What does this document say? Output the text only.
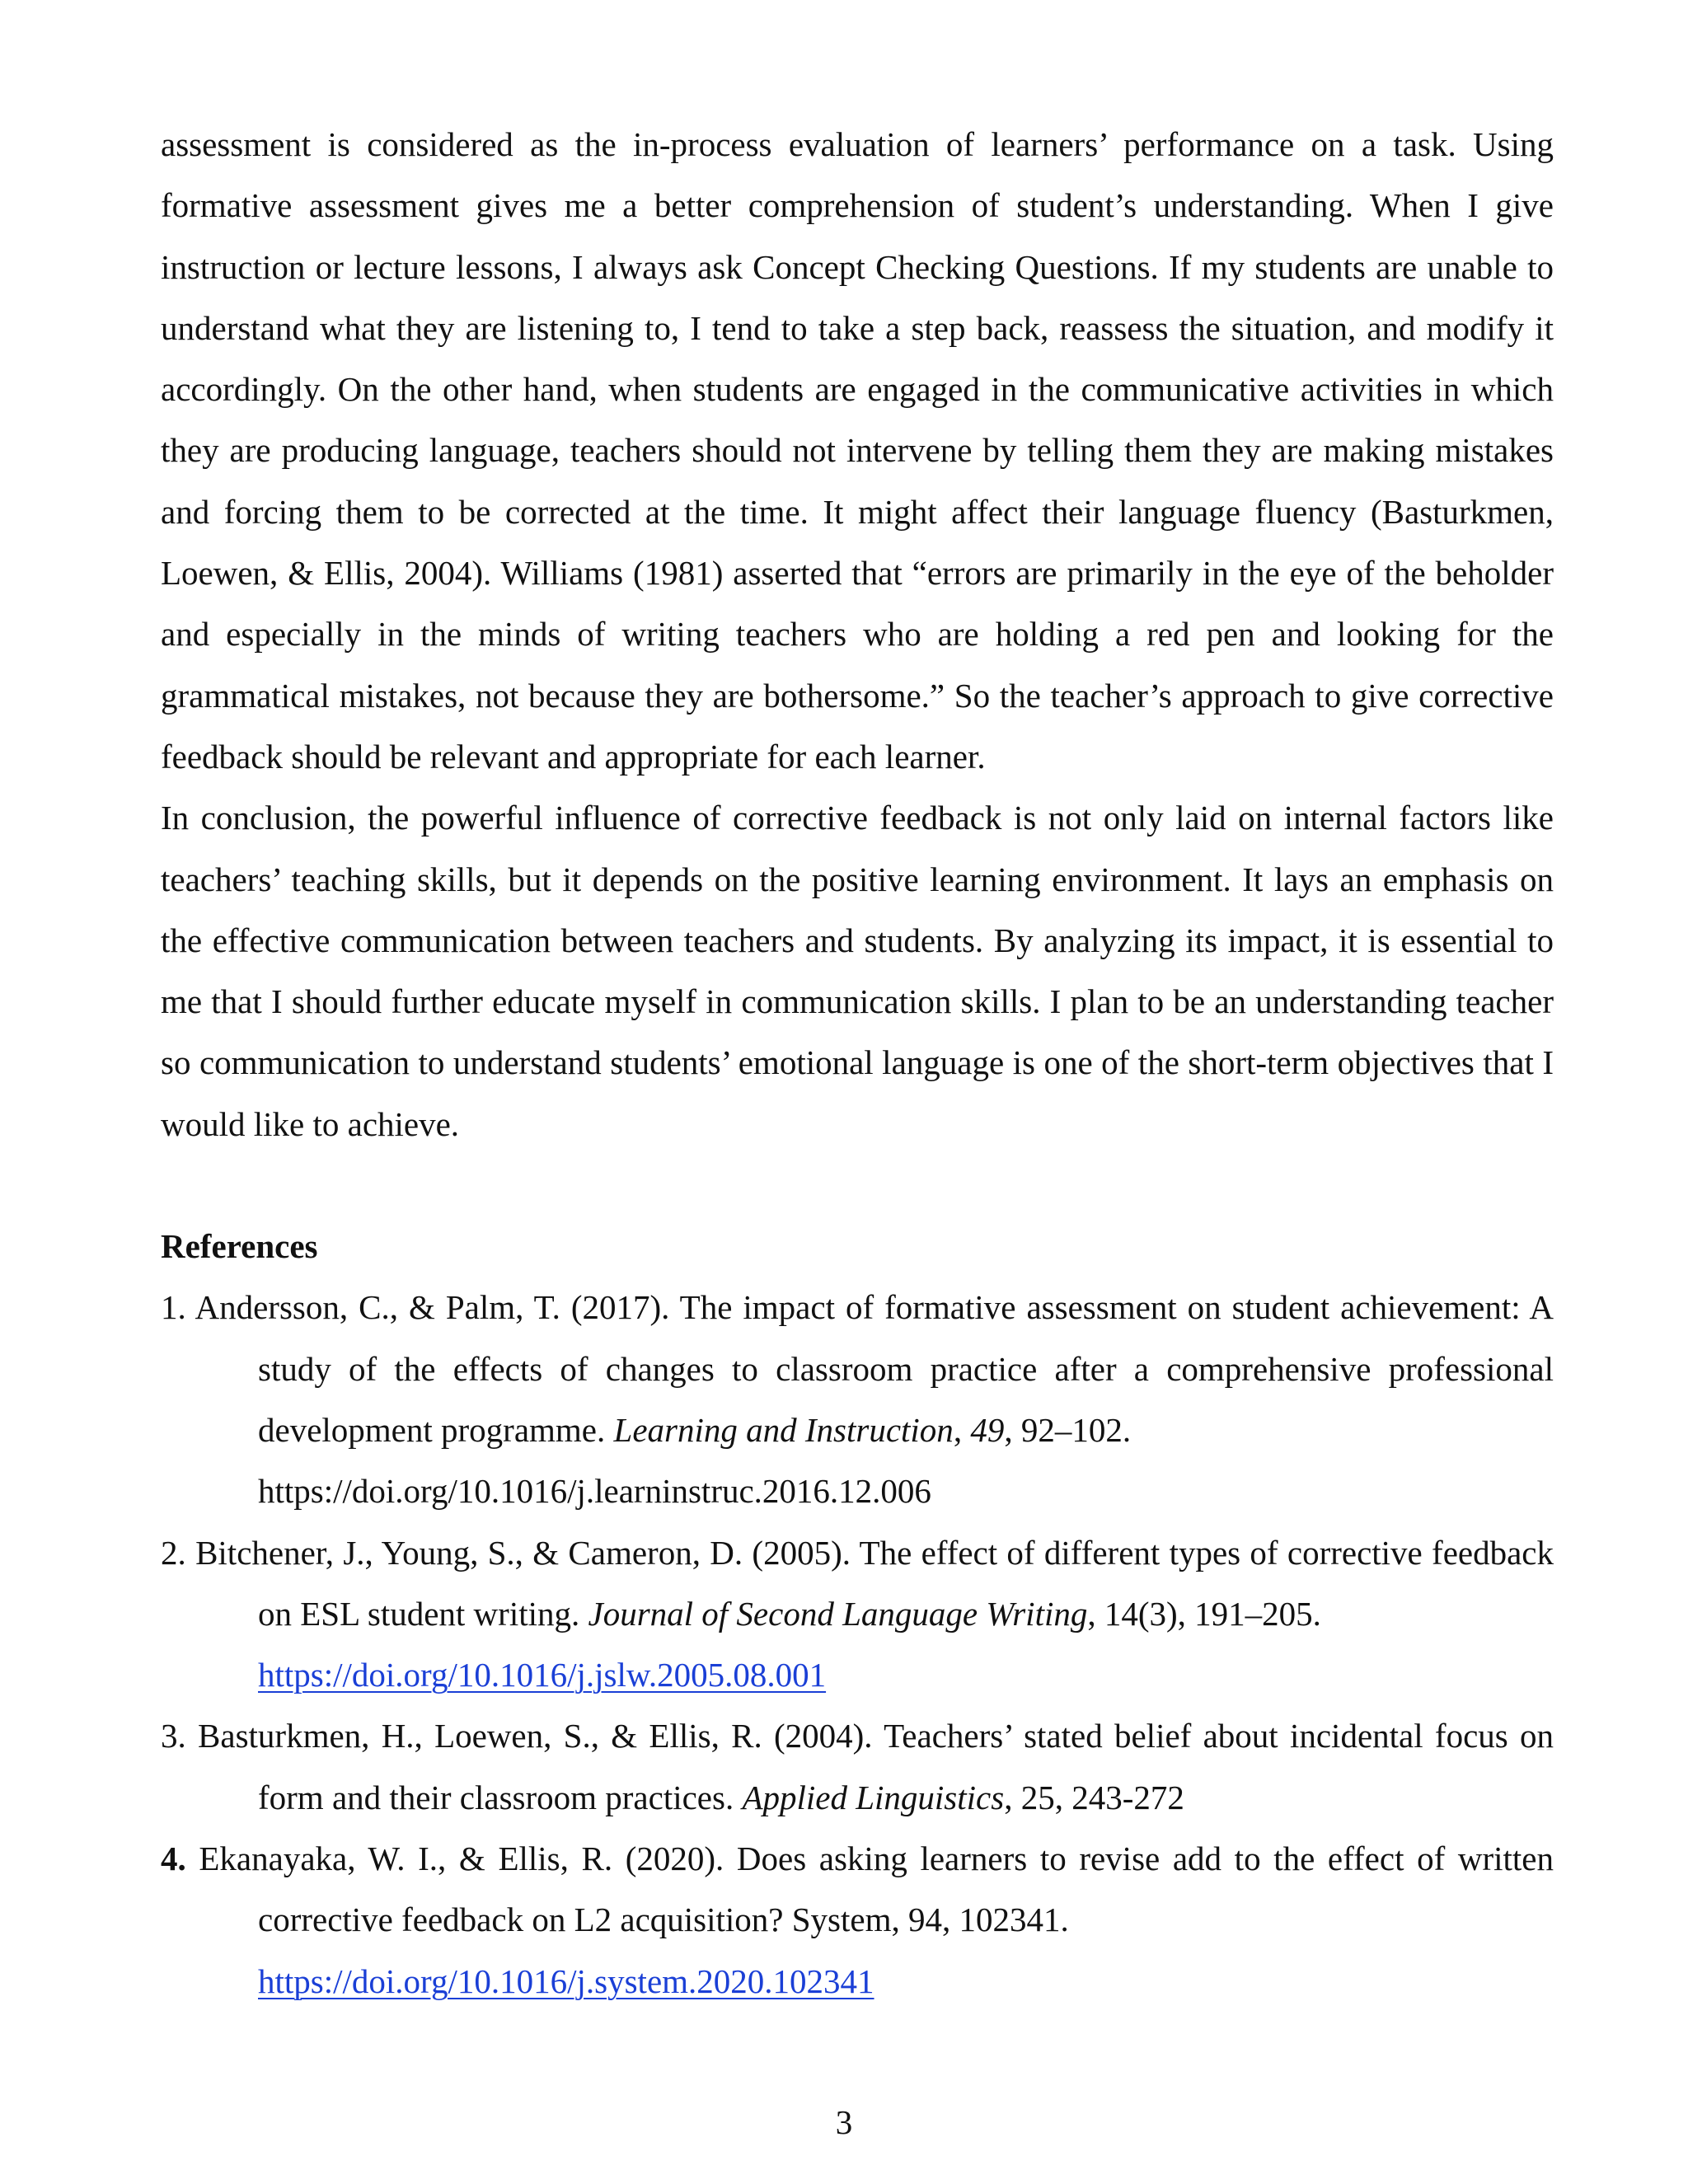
assessment is considered as the in-process evaluation of learners’ performance on a task. Using formative assessment gives me a better comprehension of student’s understanding. When I give instruction or lecture lessons, I always ask Concept Checking Questions. If my students are unable to understand what they are listening to, I tend to take a step back, reassess the situation, and modify it accordingly. On the other hand, when students are engaged in the communicative activities in which they are producing language, teachers should not intervene by telling them they are making mistakes and forcing them to be corrected at the time. It might affect their language fluency (Basturkmen, Loewen, & Ellis, 2004). Williams (1981) asserted that “errors are primarily in the eye of the beholder and especially in the minds of writing teachers who are holding a red pen and looking for the grammatical mistakes, not because they are bothersome.” So the teacher’s approach to give corrective feedback should be relevant and appropriate for each learner.

In conclusion, the powerful influence of corrective feedback is not only laid on internal factors like teachers’ teaching skills, but it depends on the positive learning environment. It lays an emphasis on the effective communication between teachers and students. By analyzing its impact, it is essential to me that I should further educate myself in communication skills. I plan to be an understanding teacher so communication to understand students’ emotional language is one of the short-term objectives that I would like to achieve.

References
1. Andersson, C., & Palm, T. (2017). The impact of formative assessment on student achievement: A study of the effects of changes to classroom practice after a comprehensive professional development programme. Learning and Instruction, 49, 92–102.
https://doi.org/10.1016/j.learninstruc.2016.12.006
2. Bitchener, J., Young, S., & Cameron, D. (2005). The effect of different types of corrective feedback on ESL student writing. Journal of Second Language Writing, 14(3), 191–205.
https://doi.org/10.1016/j.jslw.2005.08.001
3. Basturkmen, H., Loewen, S., & Ellis, R. (2004). Teachers’ stated belief about incidental focus on form and their classroom practices. Applied Linguistics, 25, 243-272
4. Ekanayaka, W. I., & Ellis, R. (2020). Does asking learners to revise add to the effect of written corrective feedback on L2 acquisition? System, 94, 102341.
https://doi.org/10.1016/j.system.2020.102341
3
